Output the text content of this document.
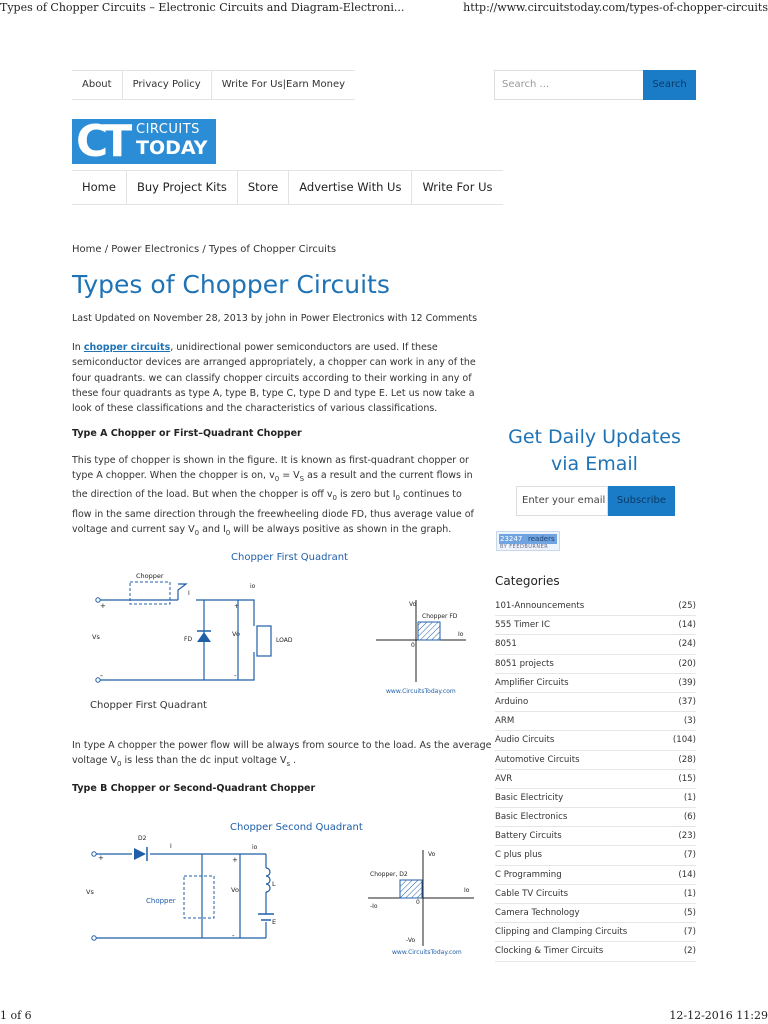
Types of Chopper Circuits – Electronic Circuits and Diagram-Electroni...	http://www.circuitstoday.com/types-of-chopper-circuits
About	Privacy Policy	Write For Us|Earn Money	Search ...	Search
CT CIRCUITS
TODAY
Home	Buy Project Kits	Store	Advertise With Us	Write For Us
Home / Power Electronics / Types of Chopper Circuits
Types of Chopper Circuits
Last Updated on November 28, 2013 by john in Power Electronics with 12 Comments

In chopper circuits, unidirectional power semiconductors are used. If these semiconductor devices are arranged appropriately, a chopper can work in any of the four quadrants. we can classify chopper circuits according to their working in any of these four quadrants as type A, type B, type C, type D and type E. Let us now take a look of these classifications and the characteristics of various classifications.

Type A Chopper or First–Quadrant Chopper

This type of chopper is shown in the figure. It is known as first-quadrant chopper or type A chopper. When the chopper is on, $v_0 = V_S$ as a result and the current flows in the direction of the load. But when the chopper is off $v_0$ is zero but $I_0$ continues to flow in the same direction through the freewheeling diode FD, thus average value of voltage and current say $V_0$ and $I_0$ will be always positive as shown in the graph.

Chopper First Quadrant
Chopper
+
-
I
io
Vs	FD
Vo
LOAD
+
-
Vo
Chopper FD
Io
0
www.CircuitsToday.com
Chopper First Quadrant

In type A chopper the power flow will be always from source to the load. As the average voltage $V_0$ is less than the dc input voltage $V_s$ .

Type B Chopper or Second-Quadrant Chopper
Chopper Second Quadrant
D2
I	io
+
-
Vs
Chopper
+
Vo
-
L
E
Vo
Chopper, D2
Io
-Io
0
-Vo
www.CircuitsToday.com
Get Daily Updates
via Email
Enter your email	Subscribe
23247 readers
BY FEEDBURNER
Categories
101-Announcements	(25)
555 Timer IC	(14)
8051	(24)
8051 projects	(20)
Amplifier Circuits	(39)
Arduino	(37)
ARM	(3)
Audio Circuits	(104)
Automotive Circuits	(28)
AVR	(15)
Basic Electricity	(1)
Basic Electronics	(6)
Battery Circuits	(23)
C plus plus	(7)
C Programming	(14)
Cable TV Circuits	(1)
Camera Technology	(5)
Clipping and Clamping Circuits	(7)
Clocking & Timer Circuits	(2)
1 of 6	12-12-2016 11:29
